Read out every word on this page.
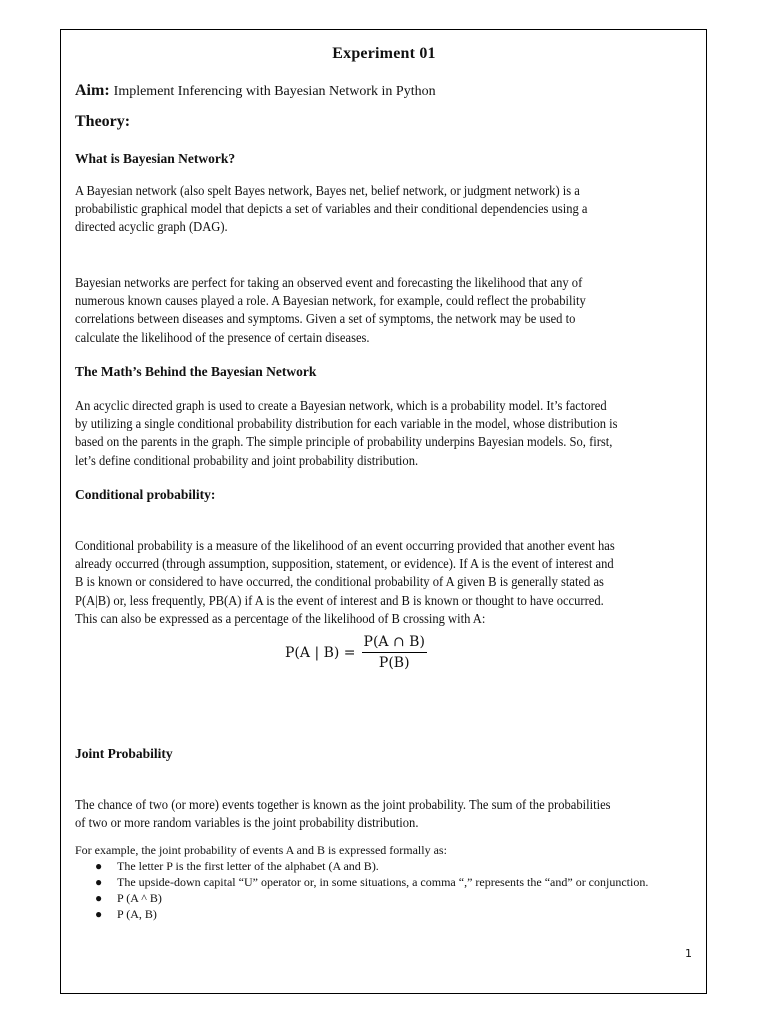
Experiment 01
Aim: Implement Inferencing with Bayesian Network in Python
Theory:
What is Bayesian Network?
A Bayesian network (also spelt Bayes network, Bayes net, belief network, or judgment network) is a
probabilistic graphical model that depicts a set of variables and their conditional dependencies using a
directed acyclic graph (DAG).
Bayesian networks are perfect for taking an observed event and forecasting the likelihood that any of
numerous known causes played a role. A Bayesian network, for example, could reflect the probability
correlations between diseases and symptoms. Given a set of symptoms, the network may be used to
calculate the likelihood of the presence of certain diseases.
The Math’s Behind the Bayesian Network
An acyclic directed graph is used to create a Bayesian network, which is a probability model. It’s factored
by utilizing a single conditional probability distribution for each variable in the model, whose distribution is
based on the parents in the graph. The simple principle of probability underpins Bayesian models. So, first,
let’s define conditional probability and joint probability distribution.
Conditional probability:
Conditional probability is a measure of the likelihood of an event occurring provided that another event has
already occurred (through assumption, supposition, statement, or evidence). If A is the event of interest and
B is known or considered to have occurred, the conditional probability of A given B is generally stated as
P(A|B) or, less frequently, PB(A) if A is the event of interest and B is known or thought to have occurred.
This can also be expressed as a percentage of the likelihood of B crossing with A:
P(A | $B) = \frac{P(A \cap B)}{P(B)}$
Joint Probability
The chance of two (or more) events together is known as the joint probability. The sum of the probabilities
of two or more random variables is the joint probability distribution.
For example, the joint probability of events A and B is expressed formally as:
● The letter P is the first letter of the alphabet (A and B).
● The upside-down capital “U” operator or, in some situations, a comma “,” represents the “and” or conjunction.
● P (A ^ B)
● P (A, B)
1
